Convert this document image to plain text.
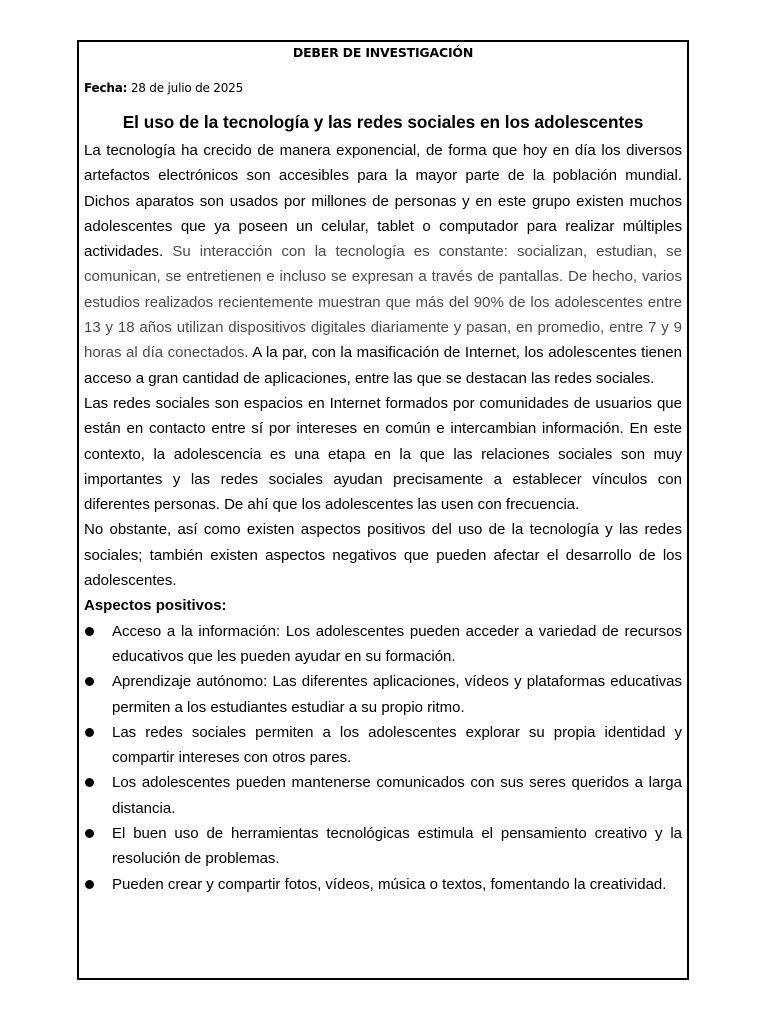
DEBER DE INVESTIGACIÓN
Fecha: 28 de julio de 2025
El uso de la tecnología y las redes sociales en los adolescentes

La tecnología ha crecido de manera exponencial, de forma que hoy en día los diversos artefactos electrónicos son accesibles para la mayor parte de la población mundial. Dichos aparatos son usados por millones de personas y en este grupo existen muchos adolescentes que ya poseen un celular, tablet o computador para realizar múltiples actividades. Su interacción con la tecnología es constante: socializan, estudian, se comunican, se entretienen e incluso se expresan a través de pantallas. De hecho, varios estudios realizados recientemente muestran que más del 90% de los adolescentes entre 13 y 18 años utilizan dispositivos digitales diariamente y pasan, en promedio, entre 7 y 9 horas al día conectados. A la par, con la masificación de Internet, los adolescentes tienen acceso a gran cantidad de aplicaciones, entre las que se destacan las redes sociales.

Las redes sociales son espacios en Internet formados por comunidades de usuarios que están en contacto entre sí por intereses en común e intercambian información. En este contexto, la adolescencia es una etapa en la que las relaciones sociales son muy importantes y las redes sociales ayudan precisamente a establecer vínculos con diferentes personas. De ahí que los adolescentes las usen con frecuencia.

No obstante, así como existen aspectos positivos del uso de la tecnología y las redes sociales; también existen aspectos negativos que pueden afectar el desarrollo de los adolescentes.

Aspectos positivos:
Acceso a la información: Los adolescentes pueden acceder a variedad de recursos educativos que les pueden ayudar en su formación.
Aprendizaje autónomo: Las diferentes aplicaciones, vídeos y plataformas educativas permiten a los estudiantes estudiar a su propio ritmo.
Las redes sociales permiten a los adolescentes explorar su propia identidad y compartir intereses con otros pares.
Los adolescentes pueden mantenerse comunicados con sus seres queridos a larga distancia.
El buen uso de herramientas tecnológicas estimula el pensamiento creativo y la resolución de problemas.
Pueden crear y compartir fotos, vídeos, música o textos, fomentando la creatividad.
